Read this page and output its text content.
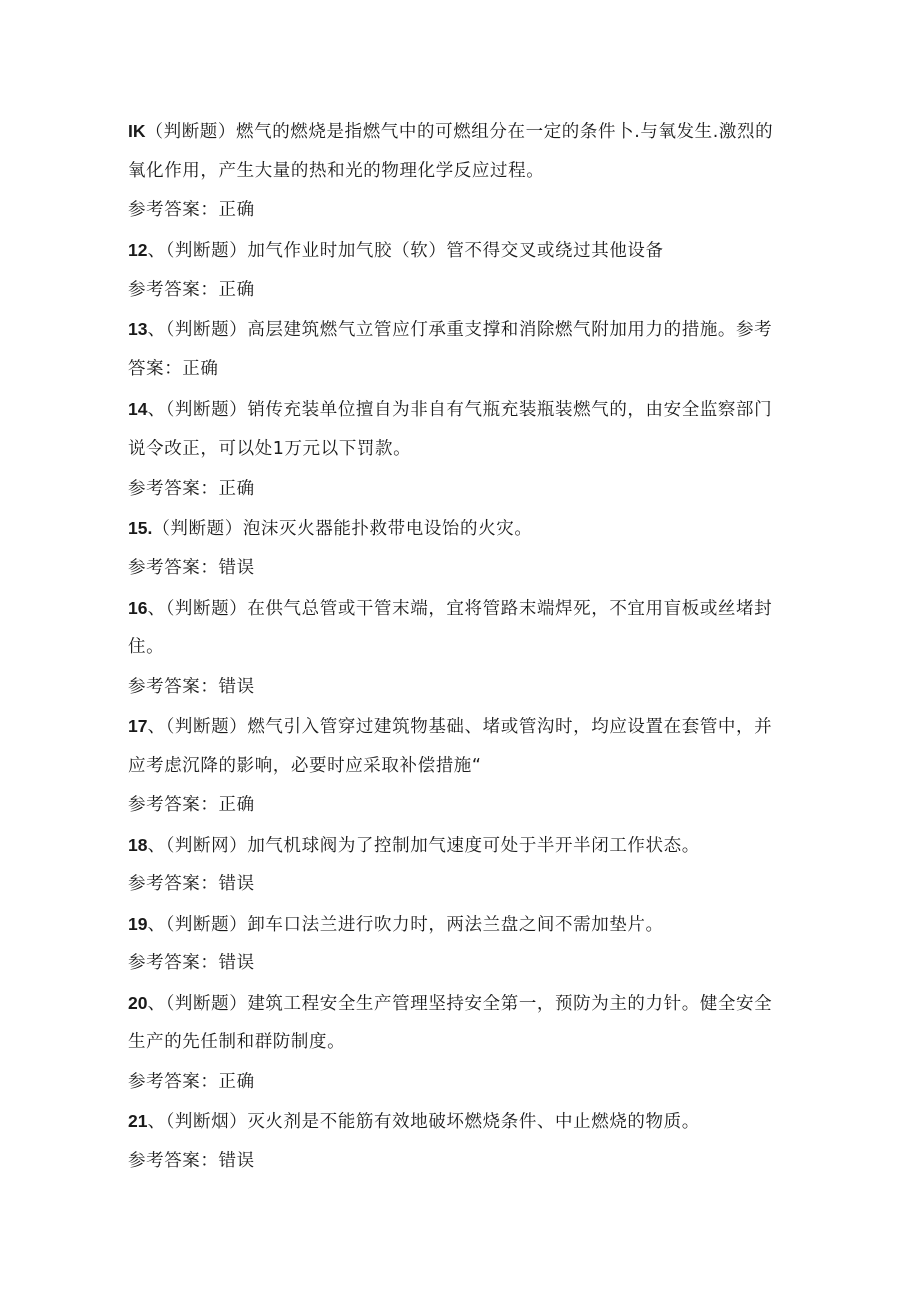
IK（判断题）燃气的燃烧是指燃气中的可燃组分在一定的条件卜.与氧发生.激烈的
氧化作用，产生大量的热和光的物理化学反应过程。
参考答案：正确
12、（判断题）加气作业时加气胶（软）管不得交叉或绕过其他设备
参考答案：正确
13、（判断题）高层建筑燃气立管应仃承重支撑和消除燃气附加用力的措施。参考
答案：正确
14、（判断题）销传充装单位擅自为非自有气瓶充装瓶装燃气的，由安全监察部门
说令改正，可以处1万元以下罚款。
参考答案：正确
15.（判断题）泡沫灭火器能扑救带电设饴的火灾。
参考答案：错误
16、（判断题）在供气总管或干管末端，宜将管路末端焊死，不宜用盲板或丝堵封
住。
参考答案：错误
17、（判断题）燃气引入管穿过建筑物基础、堵或管沟时，均应设置在套管中，并
应考虑沉降的影响，必要时应采取补偿措施“
参考答案：正确
18、（判断网）加气机球阀为了控制加气速度可处于半开半闭工作状态。
参考答案：错误
19、（判断题）卸车口法兰进行吹力时，两法兰盘之间不需加垫片。
参考答案：错误
20、（判断题）建筑工程安全生产管理坚持安全第一，预防为主的力针。健全安全
生产的先任制和群防制度。
参考答案：正确
21、（判断烟）灭火剂是不能筋有效地破坏燃烧条件、中止燃烧的物质。
参考答案：错误
